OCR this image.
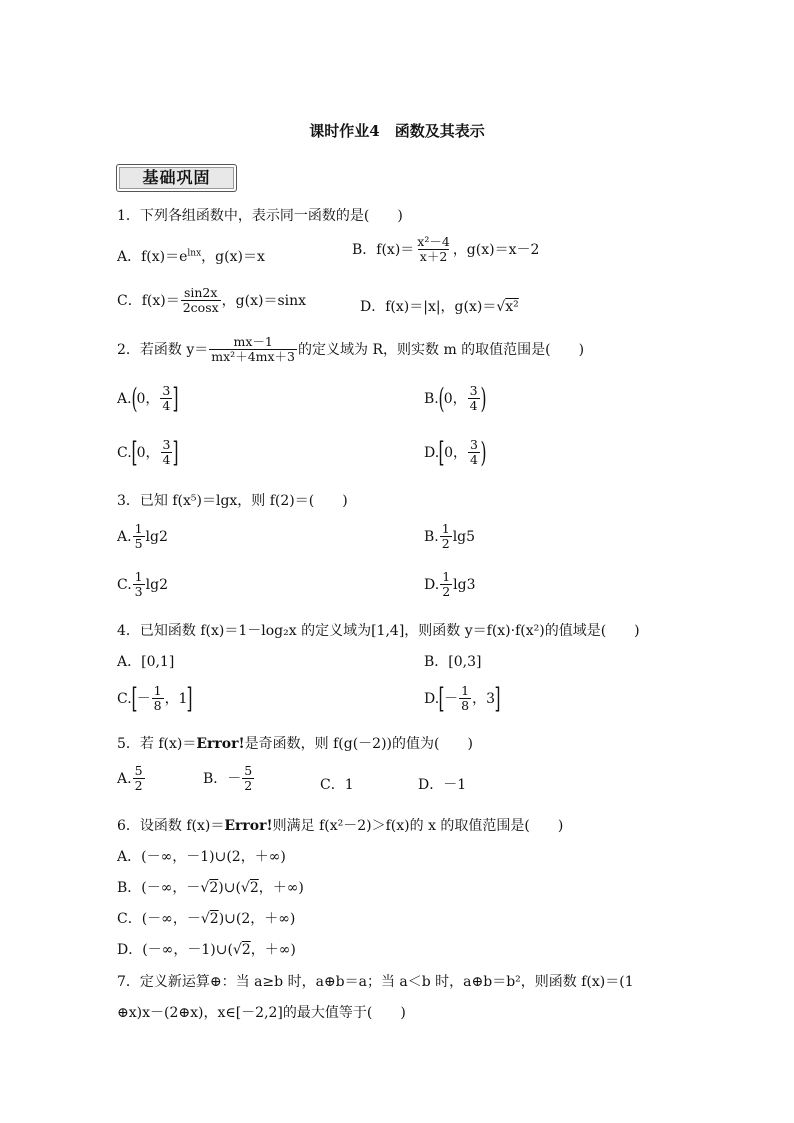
课时作业4　函数及其表示
基础巩固
1．下列各组函数中，表示同一函数的是(　　)
A．$f(x)=e^{lnx}$，g(x)＝x	B．$f(x)= \frac{\text{x²－4}}{x+2}$ ，g(x)＝x－2
C．$f(x)= \frac{\sin 2x}{2\cos x}$ ，g(x)＝sinx	D．f(x)＝|x|，g(x)＝√x²
2．若函数 $y= \frac{mx-1}{\text{mx²＋4mx＋3}}$ 的定义域为 R，则实数 m 的取值范围是(　　)
A.(0， $\frac{3}{4}$ ]	B.(0， $\frac{3}{4}$ )
C.[0， $\frac{3}{4}$ ]	D.[0， $\frac{3}{4}$ )
3．已知 f(x⁵)＝lgx，则 f(2)＝(　　)
A. $\frac{1}{5} \lg 2$	B. $\frac{1}{2} \lg 5$
C. $\frac{1}{3} \lg 2$	D. $\frac{1}{2} \lg 3$
4．已知函数 f(x)＝1－log₂x 的定义域为[1,4]，则函数 y＝f(x)·f(x²)的值域是(　　)
A．[0,1]	B．[0,3]
$C.[- \frac{1}{8}$ ，1]	$D.[- \frac{1}{8}$ ，3]
5．若 f(x)＝Error!是奇函数，则 f(g(－2))的值为(　　)
A. $\frac{5}{2}$	B．－ $\frac{5}{2}$	C．1	D．－1
6．设函数 f(x)＝Error!则满足 f(x²－2)＞f(x)的 x 的取值范围是(　　)
A．(－∞，－1)∪(2，＋∞)
B．(－∞，－√2)∪(√2，＋∞)
C．(－∞，－√2)∪(2，＋∞)
D．(－∞，－1)∪(√2，＋∞)
7．定义新运算⊕：当 a≥b 时，a⊕b＝a；当 a＜b 时，a⊕b＝b²，则函数 f(x)＝(1
⊕x)x－(2⊕x)，x∈[－2,2]的最大值等于(　　)
